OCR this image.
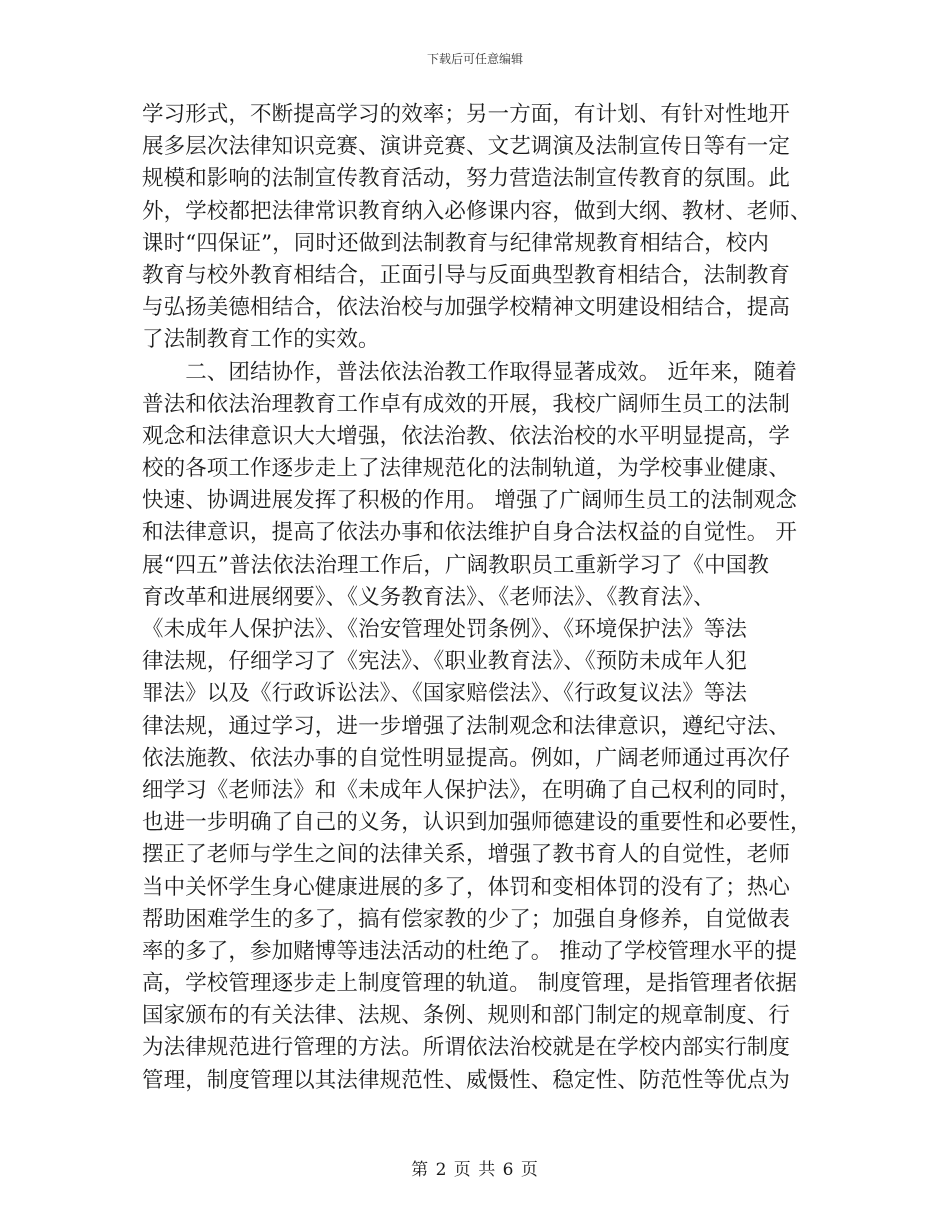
下载后可任意编辑
学习形式，不断提高学习的效率；另一方面，有计划、有针对性地开
展多层次法律知识竞赛、演讲竞赛、文艺调演及法制宣传日等有一定
规模和影响的法制宣传教育活动，努力营造法制宣传教育的氛围。此
外，学校都把法律常识教育纳入必修课内容，做到大纲、教材、老师、
课时“四保证”，同时还做到法制教育与纪律常规教育相结合，校内
教育与校外教育相结合，正面引导与反面典型教育相结合，法制教育
与弘扬美德相结合，依法治校与加强学校精神文明建设相结合，提高
了法制教育工作的实效。
　　二、团结协作，普法依法治教工作取得显著成效。 近年来，随着
普法和依法治理教育工作卓有成效的开展，我校广阔师生员工的法制
观念和法律意识大大增强，依法治教、依法治校的水平明显提高，学
校的各项工作逐步走上了法律规范化的法制轨道，为学校事业健康、
快速、协调进展发挥了积极的作用。 增强了广阔师生员工的法制观念
和法律意识，提高了依法办事和依法维护自身合法权益的自觉性。 开
展“四五”普法依法治理工作后，广阔教职员工重新学习了《中国教
育改革和进展纲要》、《义务教育法》、《老师法》、《教育法》、
《未成年人保护法》、《治安管理处罚条例》、《环境保护法》等法
律法规，仔细学习了《宪法》、《职业教育法》、《预防未成年人犯
罪法》以及《行政诉讼法》、《国家赔偿法》、《行政复议法》等法
律法规，通过学习，进一步增强了法制观念和法律意识，遵纪守法、
依法施教、依法办事的自觉性明显提高。例如，广阔老师通过再次仔
细学习《老师法》和《未成年人保护法》，在明确了自己权利的同时，
也进一步明确了自己的义务，认识到加强师德建设的重要性和必要性，
摆正了老师与学生之间的法律关系，增强了教书育人的自觉性，老师
当中关怀学生身心健康进展的多了，体罚和变相体罚的没有了；热心
帮助困难学生的多了，搞有偿家教的少了；加强自身修养，自觉做表
率的多了，参加赌博等违法活动的杜绝了。 推动了学校管理水平的提
高，学校管理逐步走上制度管理的轨道。 制度管理，是指管理者依据
国家颁布的有关法律、法规、条例、规则和部门制定的规章制度、行
为法律规范进行管理的方法。所谓依法治校就是在学校内部实行制度
管理，制度管理以其法律规范性、威慑性、稳定性、防范性等优点为
第 2 页 共 6 页
